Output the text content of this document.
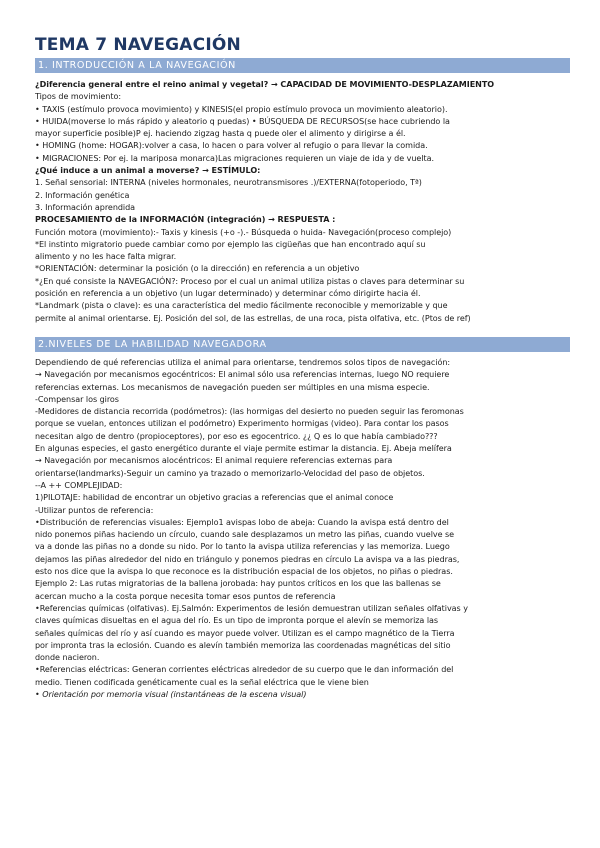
TEMA 7 NAVEGACIÓN
1. INTRODUCCIÓN A LA NAVEGACIÓN

¿Diferencia general entre el reino animal y vegetal? → CAPACIDAD DE MOVIMIENTO-DESPLAZAMIENTO

Tipos de movimiento:

• TAXIS (estímulo provoca movimiento) y KINESIS(el propio estímulo provoca un movimiento aleatorio).

• HUIDA(moverse lo más rápido y aleatorio q puedas) • BÚSQUEDA DE RECURSOS(se hace cubriendo la

mayor superficie posible)P ej. haciendo zigzag hasta q puede oler el alimento y dirigirse a él.

• HOMING (home: HOGAR):volver a casa, lo hacen o para volver al refugio o para llevar la comida.

• MIGRACIONES: Por ej. la mariposa monarca)Las migraciones requieren un viaje de ida y de vuelta.

¿Qué induce a un animal a moverse? → ESTÍMULO:

1. Señal sensorial: INTERNA (niveles hormonales, neurotransmisores .)/EXTERNA(fotoperiodo, Tª)

2. Información genética

3. Información aprendida

PROCESAMIENTO de la INFORMACIÓN (integración) → RESPUESTA :

Función motora (movimiento):- Taxis y kinesis (+o -).- Búsqueda o huida- Navegación(proceso complejo)

*El instinto migratorio puede cambiar como por ejemplo las cigüeñas que han encontrado aquí su

alimento y no les hace falta migrar.

*ORIENTACIÓN: determinar la posición (o la dirección) en referencia a un objetivo

*¿En qué consiste la NAVEGACIÓN?: Proceso por el cual un animal utiliza pistas o claves para determinar su

posición en referencia a un objetivo (un lugar determinado) y determinar cómo dirigirte hacia él.

*Landmark (pista o clave): es una característica del medio fácilmente reconocible y memorizable y que

permite al animal orientarse. Ej. Posición del sol, de las estrellas, de una roca, pista olfativa, etc. (Ptos de ref)

2.NIVELES DE LA HABILIDAD NAVEGADORA

Dependiendo de qué referencias utiliza el animal para orientarse, tendremos solos tipos de navegación:

→ Navegación por mecanismos egocéntricos: El animal sólo usa referencias internas, luego NO requiere

referencias externas. Los mecanismos de navegación pueden ser múltiples en una misma especie.

-Compensar los giros

-Medidores de distancia recorrida (podómetros): (las hormigas del desierto no pueden seguir las feromonas

porque se vuelan, entonces utilizan el podómetro) Experimento hormigas (video). Para contar los pasos

necesitan algo de dentro (propioceptores), por eso es egocentrico. ¿¿ Q es lo que había cambiado???

En algunas especies, el gasto energético durante el viaje permite estimar la distancia. Ej. Abeja melífera

→ Navegación por mecanismos alocéntricos: El animal requiere referencias externas para

orientarse(landmarks)-Seguir un camino ya trazado o memorizarlo-Velocidad del paso de objetos.

--A ++ COMPLEJIDAD:

1)PILOTAJE: habilidad de encontrar un objetivo gracias a referencias que el animal conoce

-Utilizar puntos de referencia:

•Distribución de referencias visuales: Ejemplo1 avispas lobo de abeja: Cuando la avispa está dentro del

nido ponemos piñas haciendo un círculo, cuando sale desplazamos un metro las piñas, cuando vuelve se

va a donde las piñas no a donde su nido. Por lo tanto la avispa utiliza referencias y las memoriza. Luego

dejamos las piñas alrededor del nido en triángulo y ponemos piedras en círculo La avispa va a las piedras,

esto nos dice que la avispa lo que reconoce es la distribución espacial de los objetos, no piñas o piedras.

Ejemplo 2: Las rutas migratorias de la ballena jorobada: hay puntos críticos en los que las ballenas se

acercan mucho a la costa porque necesita tomar esos puntos de referencia

•Referencias químicas (olfativas). Ej.Salmón: Experimentos de lesión demuestran utilizan señales olfativas y

claves químicas disueltas en el agua del río. Es un tipo de impronta porque el alevín se memoriza las

señales químicas del río y así cuando es mayor puede volver. Utilizan es el campo magnético de la Tierra

por impronta tras la eclosión. Cuando es alevín también memoriza las coordenadas magnéticas del sitio

donde nacieron.

•Referencias eléctricas: Generan corrientes eléctricas alrededor de su cuerpo que le dan información del

medio. Tienen codificada genéticamente cual es la señal eléctrica que le viene bien

• Orientación por memoria visual (instantáneas de la escena visual)
